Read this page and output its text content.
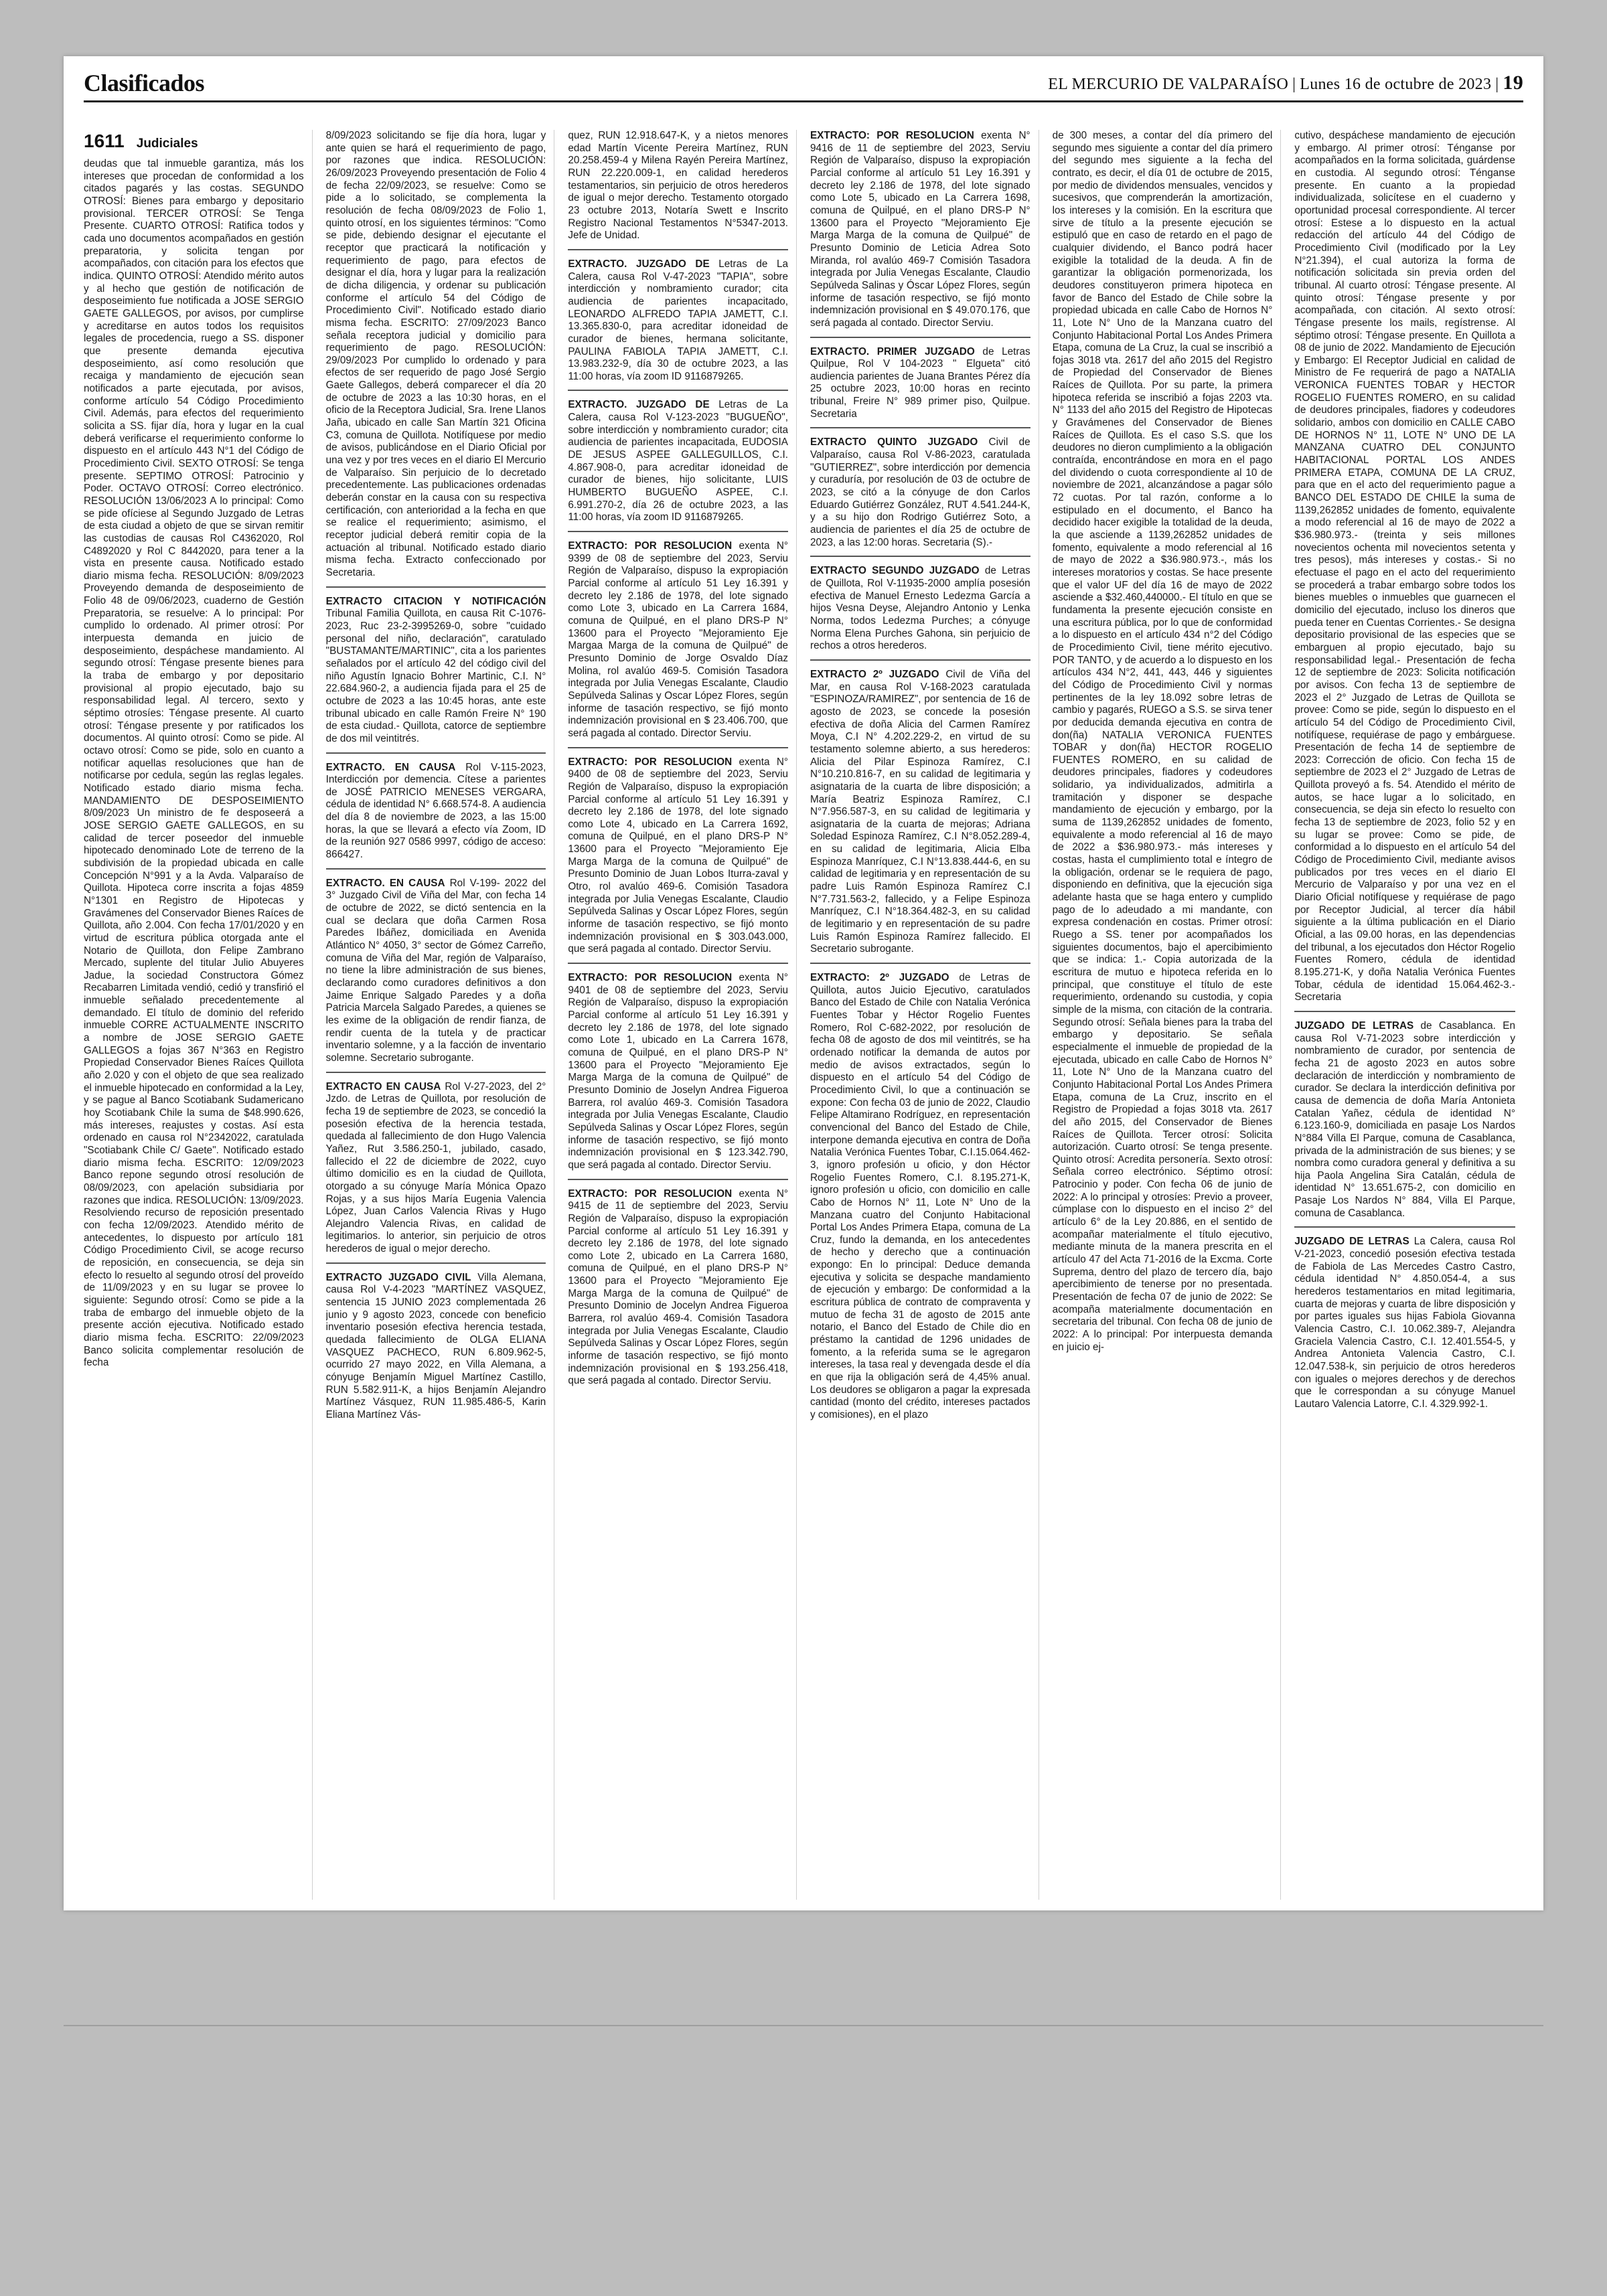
Clasificados	EL MERCURIO DE VALPARAÍSO | Lunes 16 de octubre de 2023 | 19
1611 Judiciales

deudas que tal inmueble garantiza, más los intereses que procedan de conformidad a los citados pagarés y las costas. SEGUNDO OTROSÍ: Bienes para embargo y depositario provisional. TERCER OTROSÍ: Se Tenga Presente. CUARTO OTROSÍ: Ratifica todos y cada uno documentos acompañados en gestión preparatoria, y solicita tengan por acompañados, con citación para los efectos que indica. QUINTO OTROSÍ: Atendido mérito autos y al hecho que gestión de notificación de desposeimiento fue notificada a JOSE SERGIO GAETE GALLEGOS, por avisos, por cumplirse y acreditarse en autos todos los requisitos legales de procedencia, ruego a SS. disponer que presente demanda ejecutiva desposeimiento, así como resolución que recaiga y mandamiento de ejecución sean notificados a parte ejecutada, por avisos, conforme artículo 54 Código Procedimiento Civil. Además, para efectos del requerimiento solicita a SS. fijar día, hora y lugar en la cual deberá verificarse el requerimiento conforme lo dispuesto en el artículo 443 N°1 del Código de Procedimiento Civil. SEXTO OTROSÍ: Se tenga presente. SEPTIMO OTROSÍ: Patrocinio y Poder. OCTAVO OTROSÍ: Correo electrónico. RESOLUCIÓN 13/06/2023 A lo principal: Como se pide ofíciese al Segundo Juzgado de Letras de esta ciudad a objeto de que se sirvan remitir las custodias de causas Rol C4362020, Rol C4892020 y Rol C 8442020, para tener a la vista en presente causa. Notificado estado diario misma fecha. RESOLUCIÓN: 8/09/2023 Proveyendo demanda de desposeimiento de Folio 48 de 09/06/2023, cuaderno de Gestión Preparatoria, se resuelve: A lo principal: Por cumplido lo ordenado. Al primer otrosí: Por interpuesta demanda en juicio de desposeimiento, despáchese mandamiento. Al segundo otrosí: Téngase presente bienes para la traba de embargo y por depositario provisional al propio ejecutado, bajo su responsabilidad legal. Al tercero, sexto y séptimo otrosíes: Téngase presente. Al cuarto otrosí: Téngase presente y por ratificados los documentos. Al quinto otrosí: Como se pide. Al octavo otrosí: Como se pide, solo en cuanto a notificar aquellas resoluciones que han de notificarse por cedula, según las reglas legales. Notificado estado diario misma fecha. MANDAMIENTO DE DESPOSEIMIENTO 8/09/2023 Un ministro de fe desposeerá a JOSE SERGIO GAETE GALLEGOS, en su calidad de tercer poseedor del inmueble hipotecado denominado Lote de terreno de la subdivisión de la propiedad ubicada en calle Concepción N°991 y a la Avda. Valparaíso de Quillota. Hipoteca corre inscrita a fojas 4859 N°1301 en Registro de Hipotecas y Gravámenes del Conservador Bienes Raíces de Quillota, año 2.004. Con fecha 17/01/2020 y en virtud de escritura pública otorgada ante el Notario de Quillota, don Felipe Zambrano Mercado, suplente del titular Julio Abuyeres Jadue, la sociedad Constructora Gómez Recabarren Limitada vendió, cedió y transfirió el inmueble señalado precedentemente al demandado. El título de dominio del referido inmueble CORRE ACTUALMENTE INSCRITO a nombre de JOSE SERGIO GAETE GALLEGOS a fojas 367 N°363 en Registro Propiedad Conservador Bienes Raíces Quillota año 2.020 y con el objeto de que sea realizado el inmueble hipotecado en conformidad a la Ley, y se pague al Banco Scotiabank Sudamericano hoy Scotiabank Chile la suma de $48.990.626, más intereses, reajustes y costas. Así esta ordenado en causa rol N°2342022, caratulada "Scotiabank Chile C/ Gaete". Notificado estado diario misma fecha. ESCRITO: 12/09/2023 Banco repone segundo otrosí resolución de 08/09/2023, con apelación subsidiaria por razones que indica. RESOLUCIÓN: 13/09/2023. Resolviendo recurso de reposición presentado con fecha 12/09/2023. Atendido mérito de antecedentes, lo dispuesto por artículo 181 Código Procedimiento Civil, se acoge recurso de reposición, en consecuencia, se deja sin efecto lo resuelto al segundo otrosí del proveído de 11/09/2023 y en su lugar se provee lo siguiente: Segundo otrosí: Como se pide a la traba de embargo del inmueble objeto de la presente acción ejecutiva. Notificado estado diario misma fecha. ESCRITO: 22/09/2023 Banco solicita complementar resolución de fecha

8/09/2023 solicitando se fije día hora, lugar y ante quien se hará el requerimiento de pago, por razones que indica. RESOLUCIÓN: 26/09/2023 Proveyendo presentación de Folio 4 de fecha 22/09/2023, se resuelve: Como se pide a lo solicitado, se complementa la resolución de fecha 08/09/2023 de Folio 1, quinto otrosí, en los siguientes términos: "Como se pide, debiendo designar el ejecutante el receptor que practicará la notificación y requerimiento de pago, para efectos de designar el día, hora y lugar para la realización de dicha diligencia, y ordenar su publicación conforme el artículo 54 del Código de Procedimiento Civil". Notificado estado diario misma fecha. ESCRITO: 27/09/2023 Banco señala receptora judicial y domicilio para requerimiento de pago. RESOLUCIÓN: 29/09/2023 Por cumplido lo ordenado y para efectos de ser requerido de pago José Sergio Gaete Gallegos, deberá comparecer el día 20 de octubre de 2023 a las 10:30 horas, en el oficio de la Receptora Judicial, Sra. Irene Llanos Jaña, ubicado en calle San Martín 321 Oficina C3, comuna de Quillota. Notifíquese por medio de avisos, publicándose en el Diario Oficial por una vez y por tres veces en el diario El Mercurio de Valparaíso. Sin perjuicio de lo decretado precedentemente. Las publicaciones ordenadas deberán constar en la causa con su respectiva certificación, con anterioridad a la fecha en que se realice el requerimiento; asimismo, el receptor judicial deberá remitir copia de la actuación al tribunal. Notificado estado diario misma fecha. Extracto confeccionado por Secretaria.

EXTRACTO CITACION Y NOTIFICACIÓN Tribunal Familia Quillota, en causa Rit C-1076-2023, Ruc 23-2-3995269-0, sobre "cuidado personal del niño, declaración", caratulado "BUSTAMANTE/MARTINIC", cita a los parientes señalados por el artículo 42 del código civil del niño Agustín Ignacio Bohrer Martinic, C.I. N° 22.684.960-2, a audiencia fijada para el 25 de octubre de 2023 a las 10:45 horas, ante este tribunal ubicado en calle Ramón Freire N° 190 de esta ciudad.- Quillota, catorce de septiembre de dos mil veintitrés.

EXTRACTO. EN CAUSA Rol V-115-2023, Interdicción por demencia. Cítese a parientes de JOSÉ PATRICIO MENESES VERGARA, cédula de identidad N° 6.668.574-8. A audiencia del día 8 de noviembre de 2023, a las 15:00 horas, la que se llevará a efecto vía Zoom, ID de la reunión 927 0586 9997, código de acceso: 866427.

EXTRACTO. EN CAUSA Rol V-199- 2022 del 3° Juzgado Civil de Viña del Mar, con fecha 14 de octubre de 2022, se dictó sentencia en la cual se declara que doña Carmen Rosa Paredes Ibáñez, domiciliada en Avenida Atlántico N° 4050, 3° sector de Gómez Carreño, comuna de Viña del Mar, región de Valparaíso, no tiene la libre administración de sus bienes, declarando como curadores definitivos a don Jaime Enrique Salgado Paredes y a doña Patricia Marcela Salgado Paredes, a quienes se les exime de la obligación de rendir fianza, de rendir cuenta de la tutela y de practicar inventario solemne, y a la facción de inventario solemne. Secretario subrogante.

EXTRACTO EN CAUSA Rol V-27-2023, del 2° Jzdo. de Letras de Quillota, por resolución de fecha 19 de septiembre de 2023, se concedió la posesión efectiva de la herencia testada, quedada al fallecimiento de don Hugo Valencia Yañez, Rut 3.586.250-1, jubilado, casado, fallecido el 22 de diciembre de 2022, cuyo último domicilio es en la ciudad de Quillota, otorgado a su cónyuge María Mónica Opazo Rojas, y a sus hijos María Eugenia Valencia López, Juan Carlos Valencia Rivas y Hugo Alejandro Valencia Rivas, en calidad de legitimarios. lo anterior, sin perjuicio de otros herederos de igual o mejor derecho.

EXTRACTO JUZGADO CIVIL Villa Alemana, causa Rol V-4-2023 "MARTÍNEZ VASQUEZ, sentencia 15 JUNIO 2023 complementada 26 junio y 9 agosto 2023, concede con beneficio inventario posesión efectiva herencia testada, quedada fallecimiento de OLGA ELIANA VASQUEZ PACHECO, RUN 6.809.962-5, ocurrido 27 mayo 2022, en Villa Alemana, a cónyuge Benjamín Miguel Martínez Castillo, RUN 5.582.911-K, a hijos Benjamín Alejandro Martínez Vásquez, RUN 11.985.486-5, Karin Eliana Martínez Vás-

quez, RUN 12.918.647-K, y a nietos menores edad Martín Vicente Pereira Martínez, RUN 20.258.459-4 y Milena Rayén Pereira Martínez, RUN 22.220.009-1, en calidad herederos testamentarios, sin perjuicio de otros herederos de igual o mejor derecho. Testamento otorgado 23 octubre 2013, Notaría Swett e Inscrito Registro Nacional Testamentos N°5347-2013. Jefe de Unidad.

EXTRACTO. JUZGADO DE Letras de La Calera, causa Rol V-47-2023 "TAPIA", sobre interdicción y nombramiento curador; cita audiencia de parientes incapacitado, LEONARDO ALFREDO TAPIA JAMETT, C.I. 13.365.830-0, para acreditar idoneidad de curador de bienes, hermana solicitante, PAULINA FABIOLA TAPIA JAMETT, C.I. 13.983.232-9, día 30 de octubre 2023, a las 11:00 horas, vía zoom ID 9116879265.

EXTRACTO. JUZGADO DE Letras de La Calera, causa Rol V-123-2023 "BUGUEÑO", sobre interdicción y nombramiento curador; cita audiencia de parientes incapacitada, EUDOSIA DE JESUS ASPEE GALLEGUILLOS, C.I. 4.867.908-0, para acreditar idoneidad de curador de bienes, hijo solicitante, LUIS HUMBERTO BUGUEÑO ASPEE, C.I. 6.991.270-2, día 26 de octubre 2023, a las 11:00 horas, vía zoom ID 9116879265.

EXTRACTO: POR RESOLUCION exenta N° 9399 de 08 de septiembre del 2023, Serviu Región de Valparaíso, dispuso la expropiación Parcial conforme al artículo 51 Ley 16.391 y decreto ley 2.186 de 1978, del lote signado como Lote 3, ubicado en La Carrera 1684, comuna de Quilpué, en el plano DRS-P N° 13600 para el Proyecto "Mejoramiento Eje Margaa Marga de la comuna de Quilpué" de Presunto Dominio de Jorge Osvaldo Díaz Molina, rol avalúo 469-5. Comisión Tasadora integrada por Julia Venegas Escalante, Claudio Sepúlveda Salinas y Oscar López Flores, según informe de tasación respectivo, se fijó monto indemnización provisional en $ 23.406.700, que será pagada al contado. Director Serviu.

EXTRACTO: POR RESOLUCION exenta N° 9400 de 08 de septiembre del 2023, Serviu Región de Valparaíso, dispuso la expropiación Parcial conforme al artículo 51 Ley 16.391 y decreto ley 2.186 de 1978, del lote signado como Lote 4, ubicado en La Carrera 1692, comuna de Quilpué, en el plano DRS-P N° 13600 para el Proyecto "Mejoramiento Eje Marga Marga de la comuna de Quilpué" de Presunto Dominio de Juan Lobos Iturra-zaval y Otro, rol avalúo 469-6. Comisión Tasadora integrada por Julia Venegas Escalante, Claudio Sepúlveda Salinas y Oscar López Flores, según informe de tasación respectivo, se fijó monto indemnización provisional en $ 303.043.000, que será pagada al contado. Director Serviu.

EXTRACTO: POR RESOLUCION exenta N° 9401 de 08 de septiembre del 2023, Serviu Región de Valparaíso, dispuso la expropiación Parcial conforme al artículo 51 Ley 16.391 y decreto ley 2.186 de 1978, del lote signado como Lote 1, ubicado en La Carrera 1678, comuna de Quilpué, en el plano DRS-P N° 13600 para el Proyecto "Mejoramiento Eje Marga Marga de la comuna de Quilpué" de Presunto Dominio de Joselyn Andrea Figueroa Barrera, rol avalúo 469-3. Comisión Tasadora integrada por Julia Venegas Escalante, Claudio Sepúlveda Salinas y Oscar López Flores, según informe de tasación respectivo, se fijó monto indemnización provisional en $ 123.342.790, que será pagada al contado. Director Serviu.

EXTRACTO: POR RESOLUCION exenta N° 9415 de 11 de septiembre del 2023, Serviu Región de Valparaíso, dispuso la expropiación Parcial conforme al artículo 51 Ley 16.391 y decreto ley 2.186 de 1978, del lote signado como Lote 2, ubicado en La Carrera 1680, comuna de Quilpué, en el plano DRS-P N° 13600 para el Proyecto "Mejoramiento Eje Marga Marga de la comuna de Quilpué" de Presunto Dominio de Jocelyn Andrea Figueroa Barrera, rol avalúo 469-4. Comisión Tasadora integrada por Julia Venegas Escalante, Claudio Sepúlveda Salinas y Oscar López Flores, según informe de tasación respectivo, se fijó monto indemnización provisional en $ 193.256.418, que será pagada al contado. Director Serviu.

EXTRACTO: POR RESOLUCION exenta N° 9416 de 11 de septiembre del 2023, Serviu Región de Valparaíso, dispuso la expropiación Parcial conforme al artículo 51 Ley 16.391 y decreto ley 2.186 de 1978, del lote signado como Lote 5, ubicado en La Carrera 1698, comuna de Quilpué, en el plano DRS-P N° 13600 para el Proyecto "Mejoramiento Eje Marga Marga de la comuna de Quilpué" de Presunto Dominio de Leticia Adrea Soto Miranda, rol avalúo 469-7 Comisión Tasadora integrada por Julia Venegas Escalante, Claudio Sepúlveda Salinas y Óscar López Flores, según informe de tasación respectivo, se fijó monto indemnización provisional en $ 49.070.176, que será pagada al contado. Director Serviu.

EXTRACTO. PRIMER JUZGADO de Letras Quilpue, Rol V 104-2023 " Elgueta" citó audiencia parientes de Juana Brantes Pérez día 25 octubre 2023, 10:00 horas en recinto tribunal, Freire N° 989 primer piso, Quilpue. Secretaria

EXTRACTO QUINTO JUZGADO Civil de Valparaíso, causa Rol V-86-2023, caratulada "GUTIERREZ", sobre interdicción por demencia y curaduría, por resolución de 03 de octubre de 2023, se citó a la cónyuge de don Carlos Eduardo Gutiérrez González, RUT 4.541.244-K, y a su hijo don Rodrigo Gutiérrez Soto, a audiencia de parientes el día 25 de octubre de 2023, a las 12:00 horas. Secretaria (S).-

EXTRACTO SEGUNDO JUZGADO de Letras de Quillota, Rol V-11935-2000 amplía posesión efectiva de Manuel Ernesto Ledezma García a hijos Vesna Deyse, Alejandro Antonio y Lenka Norma, todos Ledezma Purches; a cónyuge Norma Elena Purches Gahona, sin perjuicio de rechos a otros herederos.

EXTRACTO 2º JUZGADO Civil de Viña del Mar, en causa Rol V-168-2023 caratulada "ESPINOZA/RAMIREZ", por sentencia de 16 de agosto de 2023, se concede la posesión efectiva de doña Alicia del Carmen Ramírez Moya, C.I N° 4.202.229-2, en virtud de su testamento solemne abierto, a sus herederos: Alicia del Pilar Espinoza Ramírez, C.I N°10.210.816-7, en su calidad de legitimaria y asignataria de la cuarta de libre disposición; a María Beatriz Espinoza Ramírez, C.I N°7.956.587-3, en su calidad de legitimaria y asignataria de la cuarta de mejoras; Adriana Soledad Espinoza Ramírez, C.I N°8.052.289-4, en su calidad de legitimaria, Alicia Elba Espinoza Manríquez, C.I N°13.838.444-6, en su calidad de legitimaria y en representación de su padre Luis Ramón Espinoza Ramírez C.I N°7.731.563-2, fallecido, y a Felipe Espinoza Manríquez, C.I N°18.364.482-3, en su calidad de legitimario y en representación de su padre Luis Ramón Espinoza Ramírez fallecido. El Secretario subrogante.

EXTRACTO: 2º JUZGADO de Letras de Quillota, autos Juicio Ejecutivo, caratulados Banco del Estado de Chile con Natalia Verónica Fuentes Tobar y Héctor Rogelio Fuentes Romero, Rol C-682-2022, por resolución de fecha 08 de agosto de dos mil veintitrés, se ha ordenado notificar la demanda de autos por medio de avisos extractados, según lo dispuesto en el artículo 54 del Código de Procedimiento Civil, lo que a continuación se expone: Con fecha 03 de junio de 2022, Claudio Felipe Altamirano Rodríguez, en representación convencional del Banco del Estado de Chile, interpone demanda ejecutiva en contra de Doña Natalia Verónica Fuentes Tobar, C.I.15.064.462-3, ignoro profesión u oficio, y don Héctor Rogelio Fuentes Romero, C.I. 8.195.271-K, ignoro profesión u oficio, con domicilio en calle Cabo de Hornos N° 11, Lote N° Uno de la Manzana cuatro del Conjunto Habitacional Portal Los Andes Primera Etapa, comuna de La Cruz, fundo la demanda, en los antecedentes de hecho y derecho que a continuación expongo: En lo principal: Deduce demanda ejecutiva y solicita se despache mandamiento de ejecución y embargo: De conformidad a la escritura pública de contrato de compraventa y mutuo de fecha 31 de agosto de 2015 ante notario, el Banco del Estado de Chile dio en préstamo la cantidad de 1296 unidades de fomento, a la referida suma se le agregaron intereses, la tasa real y devengada desde el día en que rija la obligación será de 4,45% anual. Los deudores se obligaron a pagar la expresada cantidad (monto del crédito, intereses pactados y comisiones), en el plazo

de 300 meses, a contar del día primero del segundo mes siguiente a contar del día primero del segundo mes siguiente a la fecha del contrato, es decir, el día 01 de octubre de 2015, por medio de dividendos mensuales, vencidos y sucesivos, que comprenderán la amortización, los intereses y la comisión. En la escritura que sirve de título a la presente ejecución se estipuló que en caso de retardo en el pago de cualquier dividendo, el Banco podrá hacer exigible la totalidad de la deuda. A fin de garantizar la obligación pormenorizada, los deudores constituyeron primera hipoteca en favor de Banco del Estado de Chile sobre la propiedad ubicada en calle Cabo de Hornos N° 11, Lote N° Uno de la Manzana cuatro del Conjunto Habitacional Portal Los Andes Primera Etapa, comuna de La Cruz, la cual se inscribió a fojas 3018 vta. 2617 del año 2015 del Registro de Propiedad del Conservador de Bienes Raíces de Quillota. Por su parte, la primera hipoteca referida se inscribió a fojas 2203 vta. N° 1133 del año 2015 del Registro de Hipotecas y Gravámenes del Conservador de Bienes Raíces de Quillota. Es el caso S.S. que los deudores no dieron cumplimiento a la obligación contraída, encontrándose en mora en el pago del dividendo o cuota correspondiente al 10 de noviembre de 2021, alcanzándose a pagar sólo 72 cuotas. Por tal razón, conforme a lo estipulado en el documento, el Banco ha decidido hacer exigible la totalidad de la deuda, la que asciende a 1139,262852 unidades de fomento, equivalente a modo referencial al 16 de mayo de 2022 a $36.980.973.-, más los intereses moratorios y costas. Se hace presente que el valor UF del día 16 de mayo de 2022 asciende a $32.460,440000.- El título en que se fundamenta la presente ejecución consiste en una escritura pública, por lo que de conformidad a lo dispuesto en el artículo 434 n°2 del Código de Procedimiento Civil, tiene mérito ejecutivo. POR TANTO, y de acuerdo a lo dispuesto en los artículos 434 N°2, 441, 443, 446 y siguientes del Código de Procedimiento Civil y normas pertinentes de la ley 18.092 sobre letras de cambio y pagarés, RUEGO a S.S. se sirva tener por deducida demanda ejecutiva en contra de don(ña) NATALIA VERONICA FUENTES TOBAR y don(ña) HECTOR ROGELIO FUENTES ROMERO, en su calidad de deudores principales, fiadores y codeudores solidario, ya individualizados, admitirla a tramitación y disponer se despache mandamiento de ejecución y embargo, por la suma de 1139,262852 unidades de fomento, equivalente a modo referencial al 16 de mayo de 2022 a $36.980.973.- más intereses y costas, hasta el cumplimiento total e íntegro de la obligación, ordenar se le requiera de pago, disponiendo en definitiva, que la ejecución siga adelante hasta que se haga entero y cumplido pago de lo adeudado a mi mandante, con expresa condenación en costas. Primer otrosí: Ruego a SS. tener por acompañados los siguientes documentos, bajo el apercibimiento que se indica: 1.- Copia autorizada de la escritura de mutuo e hipoteca referida en lo principal, que constituye el título de este requerimiento, ordenando su custodia, y copia simple de la misma, con citación de la contraria. Segundo otrosí: Señala bienes para la traba del embargo y depositario. Se señala especialmente el inmueble de propiedad de la ejecutada, ubicado en calle Cabo de Hornos N° 11, Lote N° Uno de la Manzana cuatro del Conjunto Habitacional Portal Los Andes Primera Etapa, comuna de La Cruz, inscrito en el Registro de Propiedad a fojas 3018 vta. 2617 del año 2015, del Conservador de Bienes Raíces de Quillota. Tercer otrosí: Solicita autorización. Cuarto otrosí: Se tenga presente. Quinto otrosí: Acredita personería. Sexto otrosí: Señala correo electrónico. Séptimo otrosí: Patrocinio y poder. Con fecha 06 de junio de 2022: A lo principal y otrosíes: Previo a proveer, cúmplase con lo dispuesto en el inciso 2° del artículo 6° de la Ley 20.886, en el sentido de acompañar materialmente el título ejecutivo, mediante minuta de la manera prescrita en el artículo 47 del Acta 71-2016 de la Excma. Corte Suprema, dentro del plazo de tercero día, bajo apercibimiento de tenerse por no presentada. Presentación de fecha 07 de junio de 2022: Se acompaña materialmente documentación en secretaria del tribunal. Con fecha 08 de junio de 2022: A lo principal: Por interpuesta demanda en juicio ej-

cutivo, despáchese mandamiento de ejecución y embargo. Al primer otrosí: Ténganse por acompañados en la forma solicitada, guárdense en custodia. Al segundo otrosí: Ténganse presente. En cuanto a la propiedad individualizada, solicítese en el cuaderno y oportunidad procesal correspondiente. Al tercer otrosí: Estese a lo dispuesto en la actual redacción del artículo 44 del Código de Procedimiento Civil (modificado por la Ley N°21.394), el cual autoriza la forma de notificación solicitada sin previa orden del tribunal. Al cuarto otrosí: Téngase presente. Al quinto otrosí: Téngase presente y por acompañada, con citación. Al sexto otrosí: Téngase presente los mails, regístrense. Al séptimo otrosí: Téngase presente. En Quillota a 08 de junio de 2022. Mandamiento de Ejecución y Embargo: El Receptor Judicial en calidad de Ministro de Fe requerirá de pago a NATALIA VERONICA FUENTES TOBAR y HECTOR ROGELIO FUENTES ROMERO, en su calidad de deudores principales, fiadores y codeudores solidario, ambos con domicilio en CALLE CABO DE HORNOS N° 11, LOTE N° UNO DE LA MANZANA CUATRO DEL CONJUNTO HABITACIONAL PORTAL LOS ANDES PRIMERA ETAPA, COMUNA DE LA CRUZ, para que en el acto del requerimiento pague a BANCO DEL ESTADO DE CHILE la suma de 1139,262852 unidades de fomento, equivalente a modo referencial al 16 de mayo de 2022 a $36.980.973.- (treinta y seis millones novecientos ochenta mil novecientos setenta y tres pesos), más intereses y costas.- Si no efectuase el pago en el acto del requerimiento se procederá a trabar embargo sobre todos los bienes muebles o inmuebles que guarnecen el domicilio del ejecutado, incluso los dineros que pueda tener en Cuentas Corrientes.- Se designa depositario provisional de las especies que se embarguen al propio ejecutado, bajo su responsabilidad legal.- Presentación de fecha 12 de septiembre de 2023: Solicita notificación por avisos. Con fecha 13 de septiembre de 2023 el 2° Juzgado de Letras de Quillota se provee: Como se pide, según lo dispuesto en el artículo 54 del Código de Procedimiento Civil, notifíquese, requiérase de pago y embárguese. Presentación de fecha 14 de septiembre de 2023: Corrección de oficio. Con fecha 15 de septiembre de 2023 el 2° Juzgado de Letras de Quillota proveyó a fs. 54. Atendido el mérito de autos, se hace lugar a lo solicitado, en consecuencia, se deja sin efecto lo resuelto con fecha 13 de septiembre de 2023, folio 52 y en su lugar se provee: Como se pide, de conformidad a lo dispuesto en el artículo 54 del Código de Procedimiento Civil, mediante avisos publicados por tres veces en el diario El Mercurio de Valparaíso y por una vez en el Diario Oficial notifíquese y requiérase de pago por Receptor Judicial, al tercer día hábil siguiente a la última publicación en el Diario Oficial, a las 09.00 horas, en las dependencias del tribunal, a los ejecutados don Héctor Rogelio Fuentes Romero, cédula de identidad 8.195.271-K, y doña Natalia Verónica Fuentes Tobar, cédula de identidad 15.064.462-3.- Secretaria

JUZGADO DE LETRAS de Casablanca. En causa Rol V-71-2023 sobre interdicción y nombramiento de curador, por sentencia de fecha 21 de agosto 2023 en autos sobre declaración de interdicción y nombramiento de curador. Se declara la interdicción definitiva por causa de demencia de doña María Antonieta Catalan Yañez, cédula de identidad N° 6.123.160-9, domiciliada en pasaje Los Nardos N°884 Villa El Parque, comuna de Casablanca, privada de la administración de sus bienes; y se nombra como curadora general y definitiva a su hija Paola Angelina Sira Catalán, cédula de identidad N° 13.651.675-2, con domicilio en Pasaje Los Nardos N° 884, Villa El Parque, comuna de Casablanca.

JUZGADO DE LETRAS La Calera, causa Rol V-21-2023, concedió posesión efectiva testada de Fabiola de Las Mercedes Castro Castro, cédula identidad N° 4.850.054-4, a sus herederos testamentarios en mitad legitimaria, cuarta de mejoras y cuarta de libre disposición y por partes iguales sus hijas Fabiola Giovanna Valencia Castro, C.I. 10.062.389-7, Alejandra Graciela Valencia Castro, C.I. 12.401.554-5, y Andrea Antonieta Valencia Castro, C.I. 12.047.538-k, sin perjuicio de otros herederos con iguales o mejores derechos y de derechos que le correspondan a su cónyuge Manuel Lautaro Valencia Latorre, C.I. 4.329.992-1.
